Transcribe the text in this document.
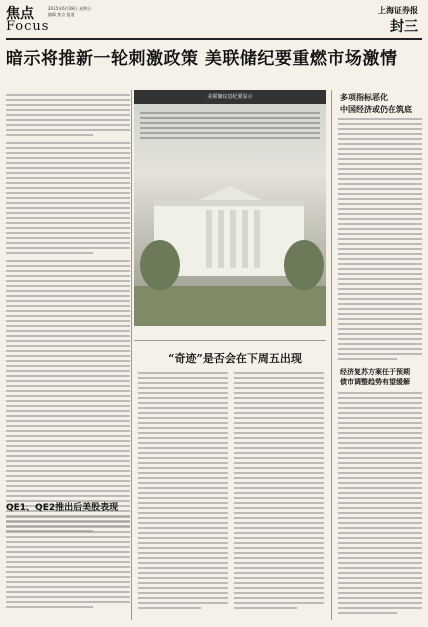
焦点
Focus
2015年6月28日 星期日
编辑 焦点 报道	上海证券报
封三
暗示将推新一轮刺激政策 美联储纪要重燃市场激情
QE1、QE2推出后美股表现
美联储议息纪要显示
“奇迹”是否会在下周五出现
多项指标恶化
中国经济或仍在筑底
经济复苏方案任于预期
债市调整趋势有望缓解
